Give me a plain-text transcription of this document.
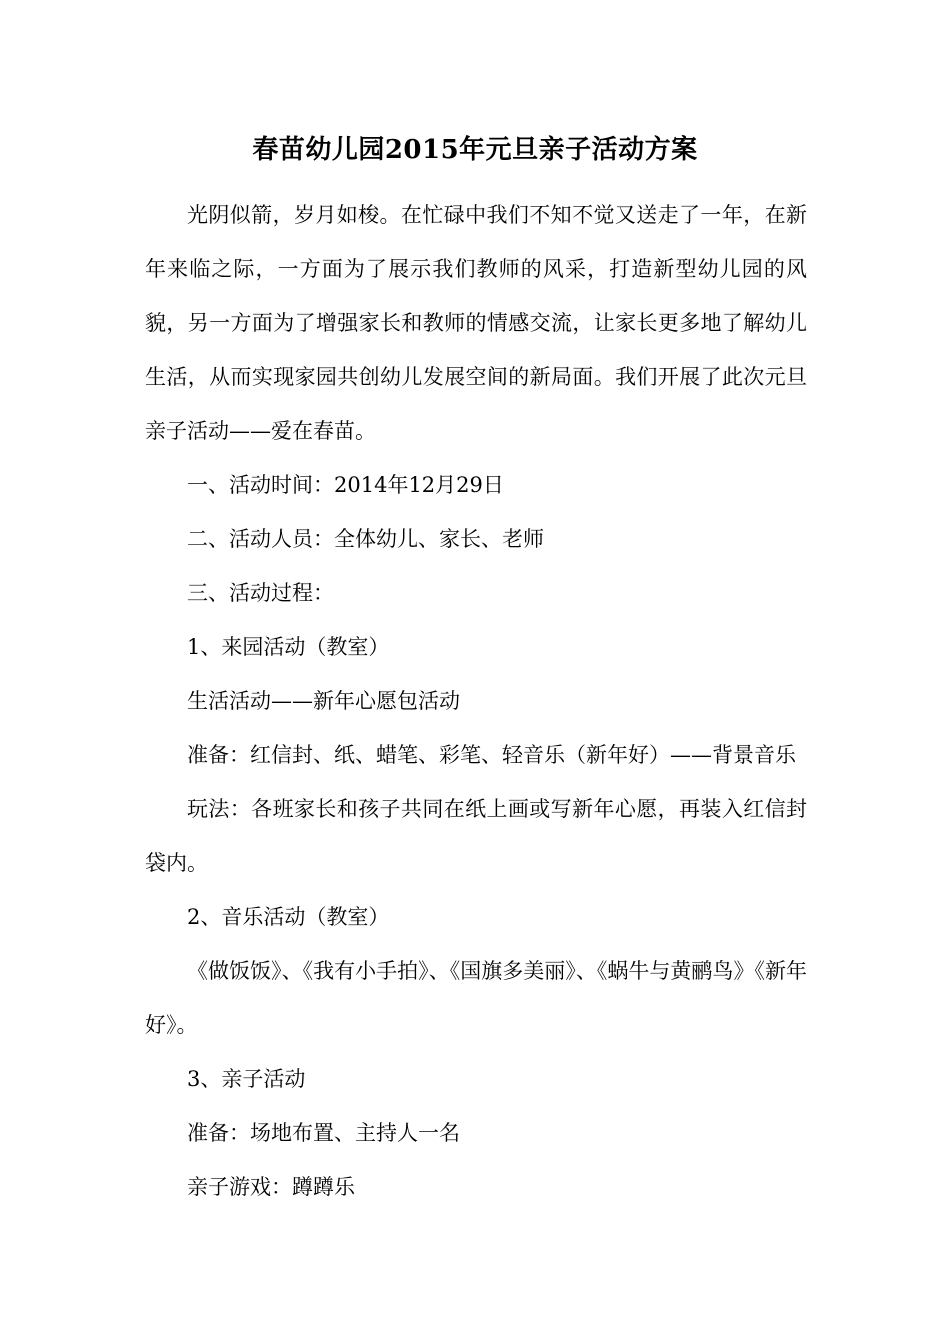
春苗幼儿园2015年元旦亲子活动方案

光阴似箭，岁月如梭。在忙碌中我们不知不觉又送走了一年，在新年来临之际，一方面为了展示我们教师的风采，打造新型幼儿园的风貌，另一方面为了增强家长和教师的情感交流，让家长更多地了解幼儿生活，从而实现家园共创幼儿发展空间的新局面。我们开展了此次元旦亲子活动——爱在春苗。

一、活动时间：2014年12月29日

二、活动人员：全体幼儿、家长、老师

三、活动过程：

1、来园活动（教室）

生活活动——新年心愿包活动

准备：红信封、纸、蜡笔、彩笔、轻音乐（新年好）——背景音乐

玩法：各班家长和孩子共同在纸上画或写新年心愿，再装入红信封袋内。

2、音乐活动（教室）

《做饭饭》、《我有小手拍》、《国旗多美丽》、《蜗牛与黄鹂鸟》《新年好》。

3、亲子活动

准备：场地布置、主持人一名

亲子游戏：蹲蹲乐
